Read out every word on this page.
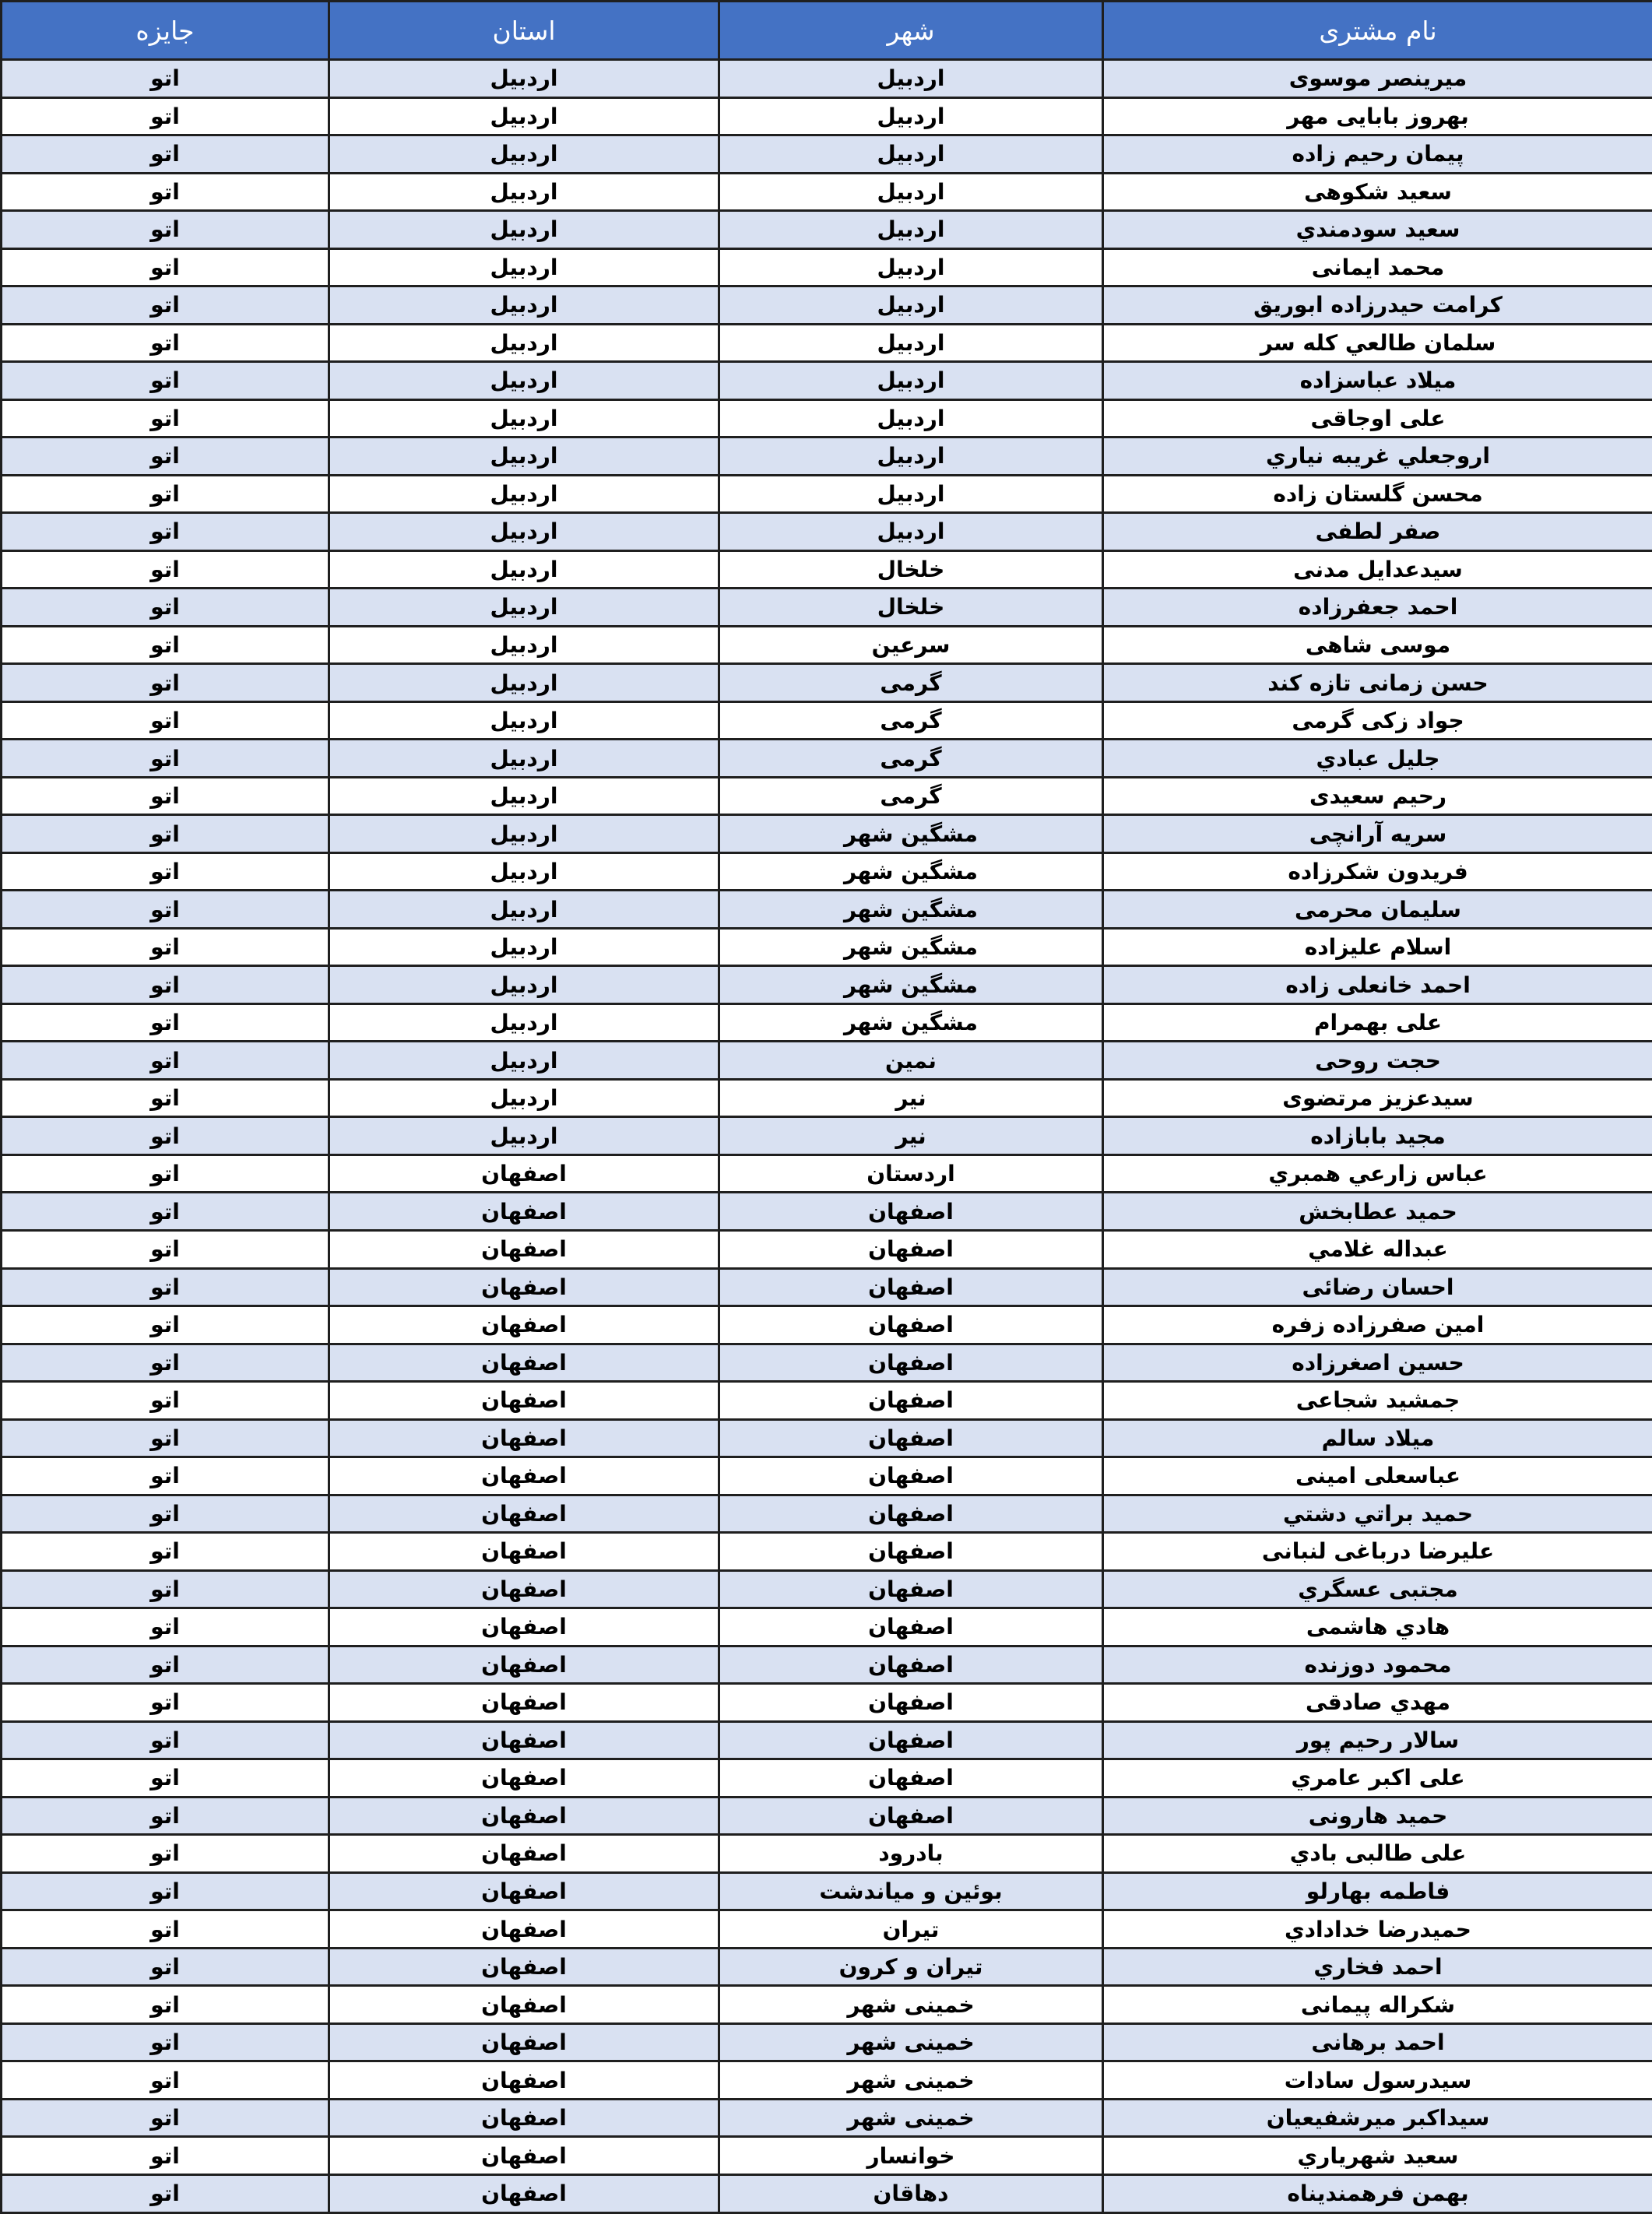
جایزه	استان	شهر	نام مشتری
اتو	اردبیل	اردبیل	میرینصر موسوی
اتو	اردبیل	اردبیل	بهروز بابایی مهر
اتو	اردبیل	اردبیل	پیمان رحیم زاده
اتو	اردبیل	اردبیل	سعید شکوهی
اتو	اردبیل	اردبیل	سعيد سودمندي
اتو	اردبیل	اردبیل	محمد ایمانی
اتو	اردبیل	اردبیل	کرامت حیدرزاده ابوریق
اتو	اردبیل	اردبیل	سلمان طالعي کله سر
اتو	اردبیل	اردبیل	میلاد عباسزاده
اتو	اردبیل	اردبیل	علی اوجاقی
اتو	اردبیل	اردبیل	اروجعلي غريبه نياري
اتو	اردبیل	اردبیل	محسن گلستان زاده
اتو	اردبیل	اردبیل	صفر لطفی
اتو	اردبیل	خلخال	سیدعدایل مدنی
اتو	اردبیل	خلخال	احمد جعفرزاده
اتو	اردبیل	سرعین	موسی شاهی
اتو	اردبیل	گرمی	حسن زمانی تازه کند
اتو	اردبیل	گرمی	جواد زکی گرمی
اتو	اردبیل	گرمی	جلیل عبادي
اتو	اردبیل	گرمی	رحیم سعیدی
اتو	اردبیل	مشگین شهر	سریه آرانچی
اتو	اردبیل	مشگین شهر	فریدون شکرزاده
اتو	اردبیل	مشگین شهر	سلیمان محرمی
اتو	اردبیل	مشگین شهر	اسلام علیزاده
اتو	اردبیل	مشگین شهر	احمد خانعلی زاده
اتو	اردبیل	مشگین شهر	علی بهمرام
اتو	اردبیل	نمین	حجت روحی
اتو	اردبیل	نیر	سیدعزیز مرتضوی
اتو	اردبیل	نیر	مجید بابازاده
اتو	اصفهان	اردستان	عباس زارعي همبري
اتو	اصفهان	اصفهان	حميد عطابخش
اتو	اصفهان	اصفهان	عبداله غلامي
اتو	اصفهان	اصفهان	احسان رضائی
اتو	اصفهان	اصفهان	امين صفرزاده زفره
اتو	اصفهان	اصفهان	حسین اصغرزاده
اتو	اصفهان	اصفهان	جمشيد شجاعی
اتو	اصفهان	اصفهان	ميلاد سالم
اتو	اصفهان	اصفهان	عباسعلی امینی
اتو	اصفهان	اصفهان	حميد براتي دشتي
اتو	اصفهان	اصفهان	علیرضا درباغی لنبانی
اتو	اصفهان	اصفهان	مجتبی عسگري
اتو	اصفهان	اصفهان	هادي هاشمی
اتو	اصفهان	اصفهان	محمود دوزنده
اتو	اصفهان	اصفهان	مهدي صادقی
اتو	اصفهان	اصفهان	سالار رحيم پور
اتو	اصفهان	اصفهان	علی اكبر عامري
اتو	اصفهان	اصفهان	حمید هارونی
اتو	اصفهان	بادرود	علی طالبی بادي
اتو	اصفهان	بوئین و میاندشت	فاطمه بهارلو
اتو	اصفهان	تیران	حميدرضا خدادادي
اتو	اصفهان	تیران و کرون	احمد فخاري
اتو	اصفهان	خمینی شهر	شكراله پیمانی
اتو	اصفهان	خمینی شهر	احمد برهانی
اتو	اصفهان	خمینی شهر	سیدرسول سادات
اتو	اصفهان	خمینی شهر	سیداکبر میرشفیعیان
اتو	اصفهان	خوانسار	سعید شهرياري
اتو	اصفهان	دهاقان	بهمن فرهمندیناه
